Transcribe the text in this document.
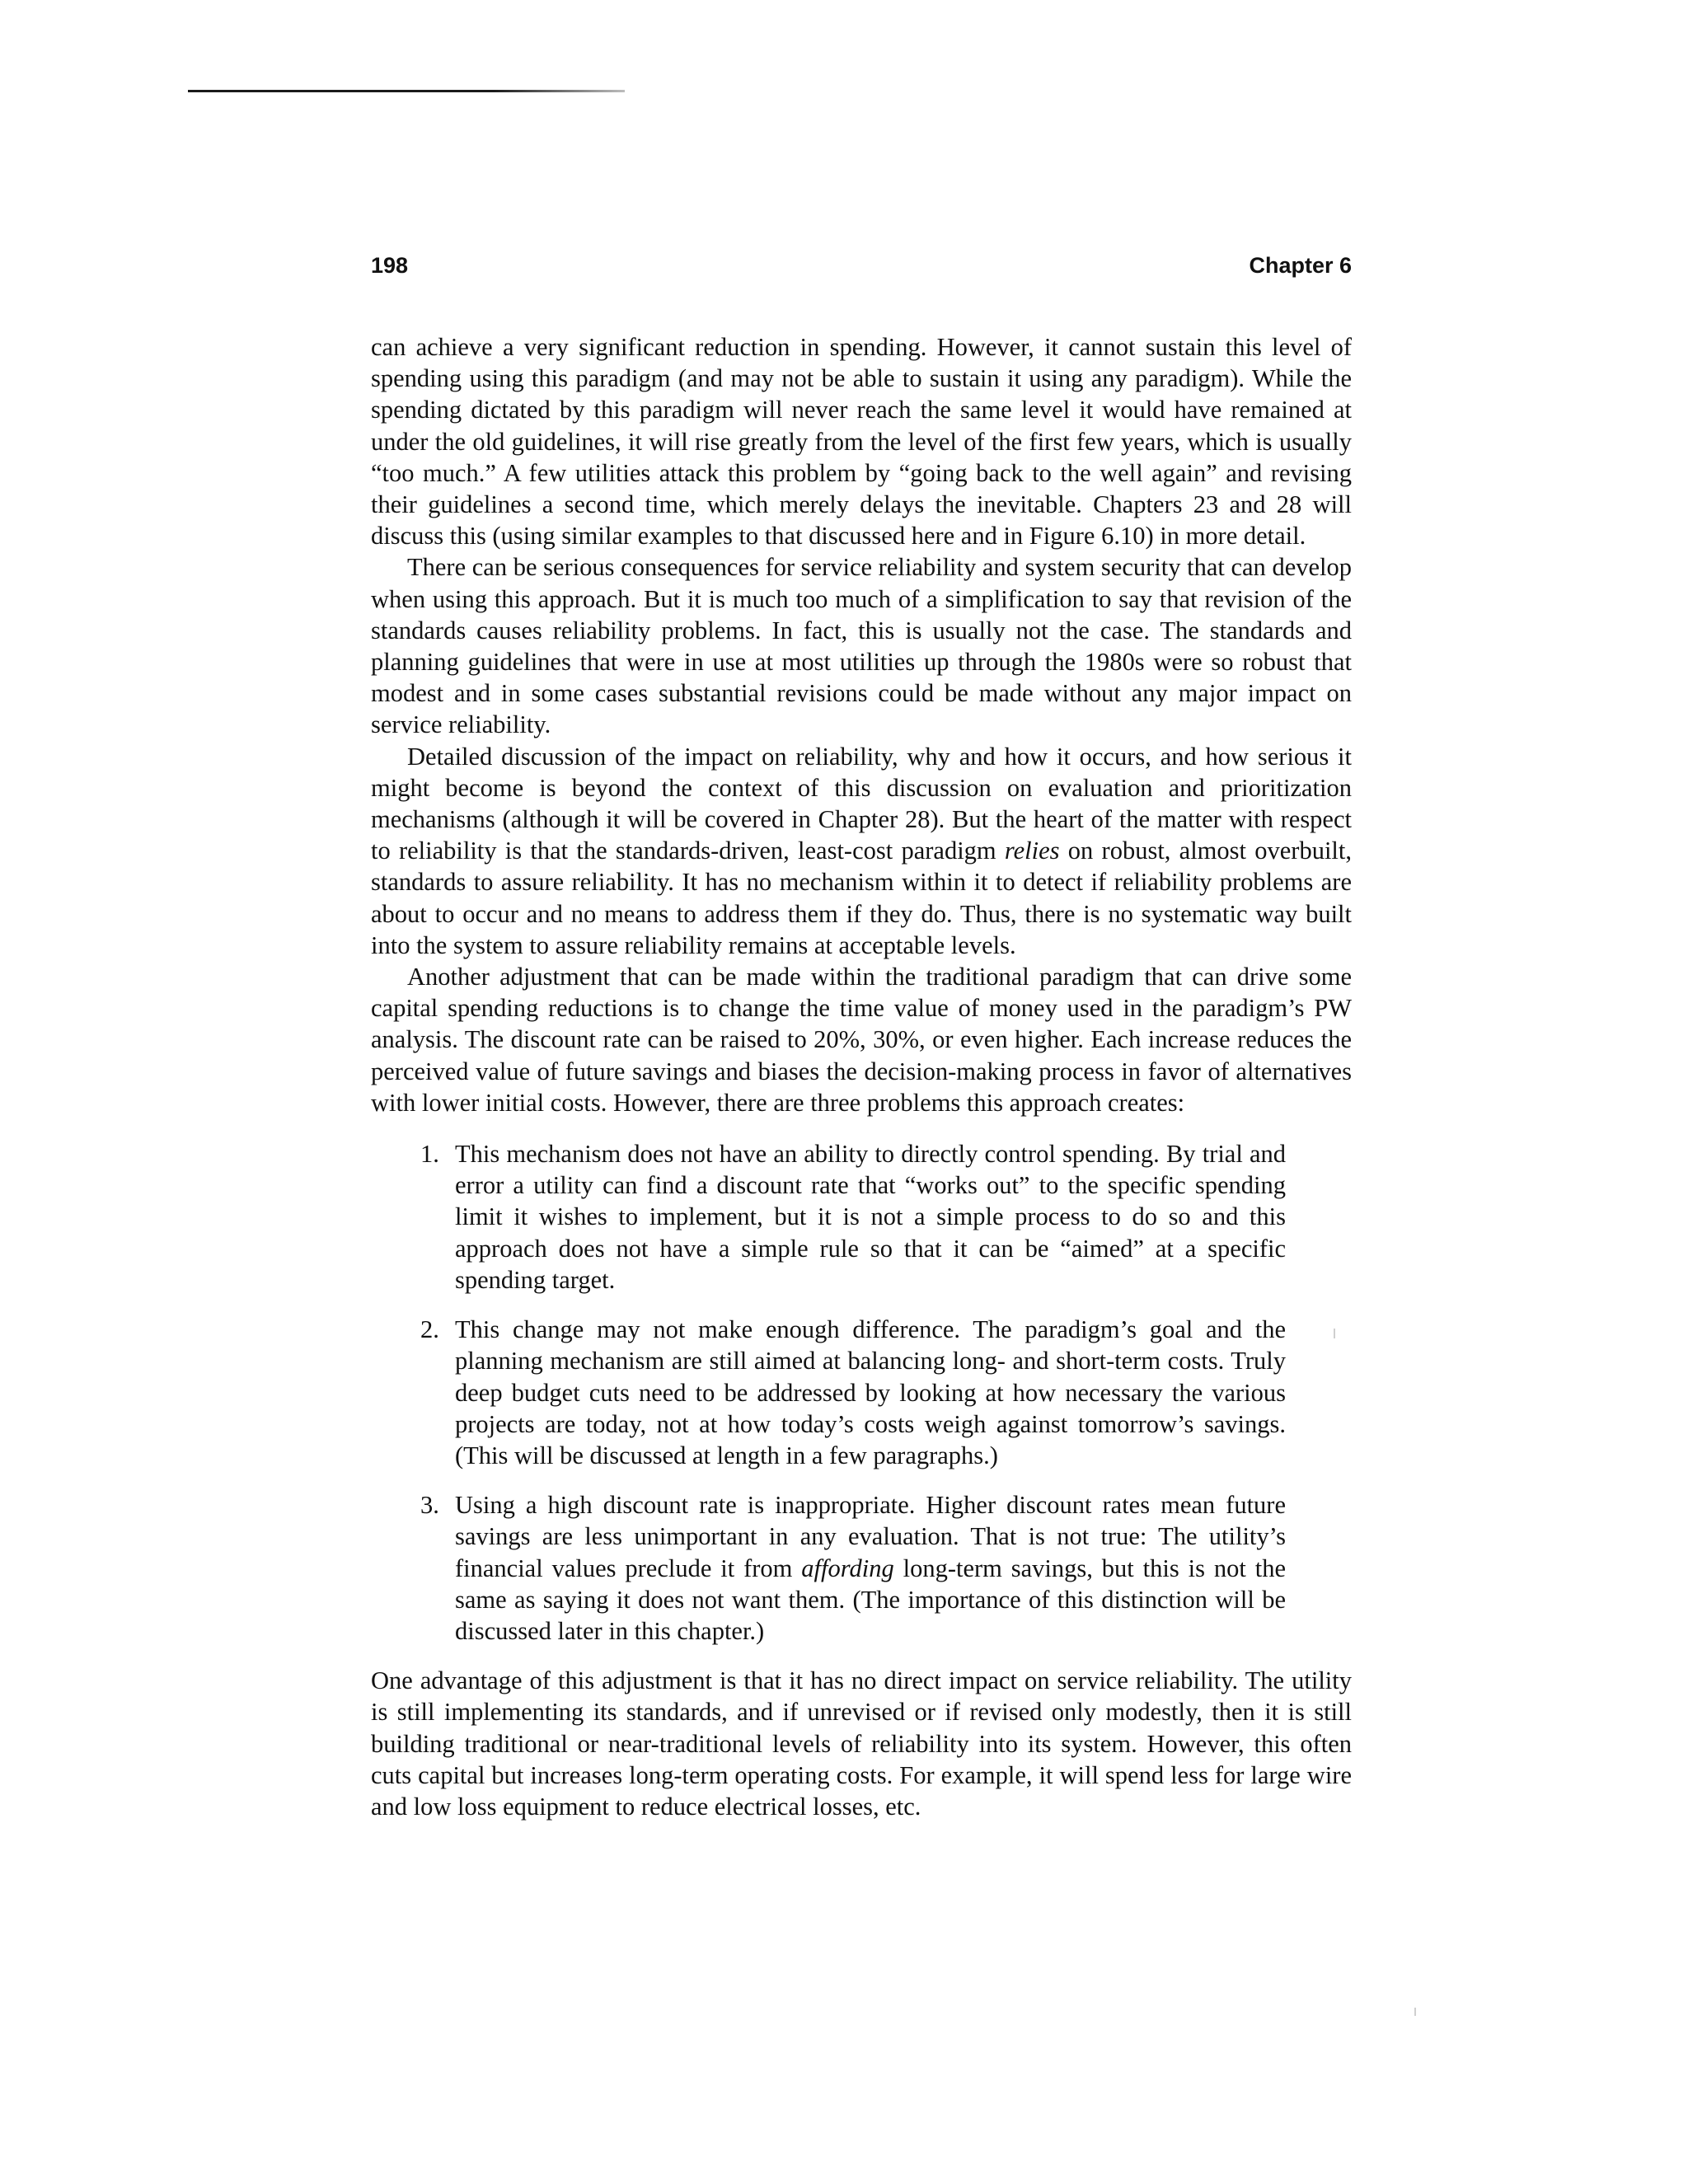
198	Chapter 6

can achieve a very significant reduction in spending. However, it cannot sustain this level of spending using this paradigm (and may not be able to sustain it using any paradigm). While the spending dictated by this paradigm will never reach the same level it would have remained at under the old guidelines, it will rise greatly from the level of the first few years, which is usually “too much.” A few utilities attack this problem by “going back to the well again” and revising their guidelines a second time, which merely delays the inevitable. Chapters 23 and 28 will discuss this (using similar examples to that discussed here and in Figure 6.10) in more detail.

There can be serious consequences for service reliability and system security that can develop when using this approach. But it is much too much of a simplification to say that revision of the standards causes reliability problems. In fact, this is usually not the case. The standards and planning guidelines that were in use at most utilities up through the 1980s were so robust that modest and in some cases substantial revisions could be made without any major impact on service reliability.

Detailed discussion of the impact on reliability, why and how it occurs, and how serious it might become is beyond the context of this discussion on evaluation and prioritization mechanisms (although it will be covered in Chapter 28). But the heart of the matter with respect to reliability is that the standards-driven, least-cost paradigm relies on robust, almost overbuilt, standards to assure reliability. It has no mechanism within it to detect if reliability problems are about to occur and no means to address them if they do. Thus, there is no systematic way built into the system to assure reliability remains at acceptable levels.

Another adjustment that can be made within the traditional paradigm that can drive some capital spending reductions is to change the time value of money used in the paradigm’s PW analysis. The discount rate can be raised to 20%, 30%, or even higher. Each increase reduces the perceived value of future savings and biases the decision-making process in favor of alternatives with lower initial costs. However, there are three problems this approach creates:

1. This mechanism does not have an ability to directly control spending. By trial and error a utility can find a discount rate that “works out” to the specific spending limit it wishes to implement, but it is not a simple process to do so and this approach does not have a simple rule so that it can be “aimed” at a specific spending target.
2. This change may not make enough difference. The paradigm’s goal and the planning mechanism are still aimed at balancing long- and short-term costs. Truly deep budget cuts need to be addressed by looking at how necessary the various projects are today, not at how today’s costs weigh against tomorrow’s savings. (This will be discussed at length in a few paragraphs.)
3. Using a high discount rate is inappropriate. Higher discount rates mean future savings are less unimportant in any evaluation. That is not true: The utility’s financial values preclude it from affording long-term savings, but this is not the same as saying it does not want them. (The importance of this distinction will be discussed later in this chapter.)

One advantage of this adjustment is that it has no direct impact on service reliability. The utility is still implementing its standards, and if unrevised or if revised only modestly, then it is still building traditional or near-traditional levels of reliability into its system. However, this often cuts capital but increases long-term operating costs. For example, it will spend less for large wire and low loss equipment to reduce electrical losses, etc.
